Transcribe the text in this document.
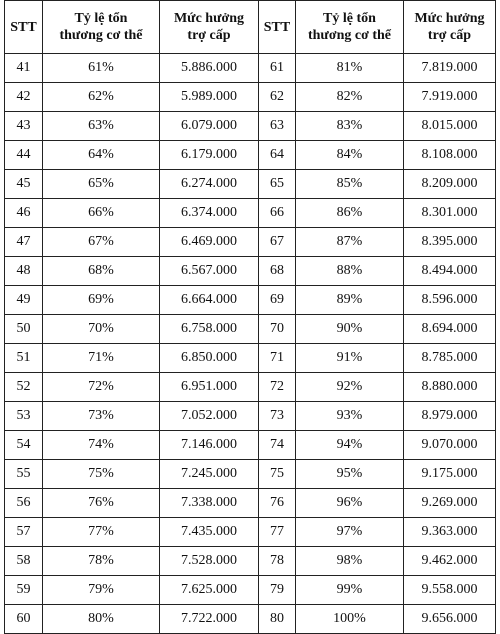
STT	Tỷ lệ tổn
thương cơ thể	Mức hưởng
trợ cấp	STT	Tỷ lệ tổn
thương cơ thể	Mức hưởng
trợ cấp

41	61%	5.886.000	61	81%	7.819.000
42	62%	5.989.000	62	82%	7.919.000
43	63%	6.079.000	63	83%	8.015.000
44	64%	6.179.000	64	84%	8.108.000
45	65%	6.274.000	65	85%	8.209.000
46	66%	6.374.000	66	86%	8.301.000
47	67%	6.469.000	67	87%	8.395.000
48	68%	6.567.000	68	88%	8.494.000
49	69%	6.664.000	69	89%	8.596.000
50	70%	6.758.000	70	90%	8.694.000
51	71%	6.850.000	71	91%	8.785.000
52	72%	6.951.000	72	92%	8.880.000
53	73%	7.052.000	73	93%	8.979.000
54	74%	7.146.000	74	94%	9.070.000
55	75%	7.245.000	75	95%	9.175.000
56	76%	7.338.000	76	96%	9.269.000
57	77%	7.435.000	77	97%	9.363.000
58	78%	7.528.000	78	98%	9.462.000
59	79%	7.625.000	79	99%	9.558.000
60	80%	7.722.000	80	100%	9.656.000
